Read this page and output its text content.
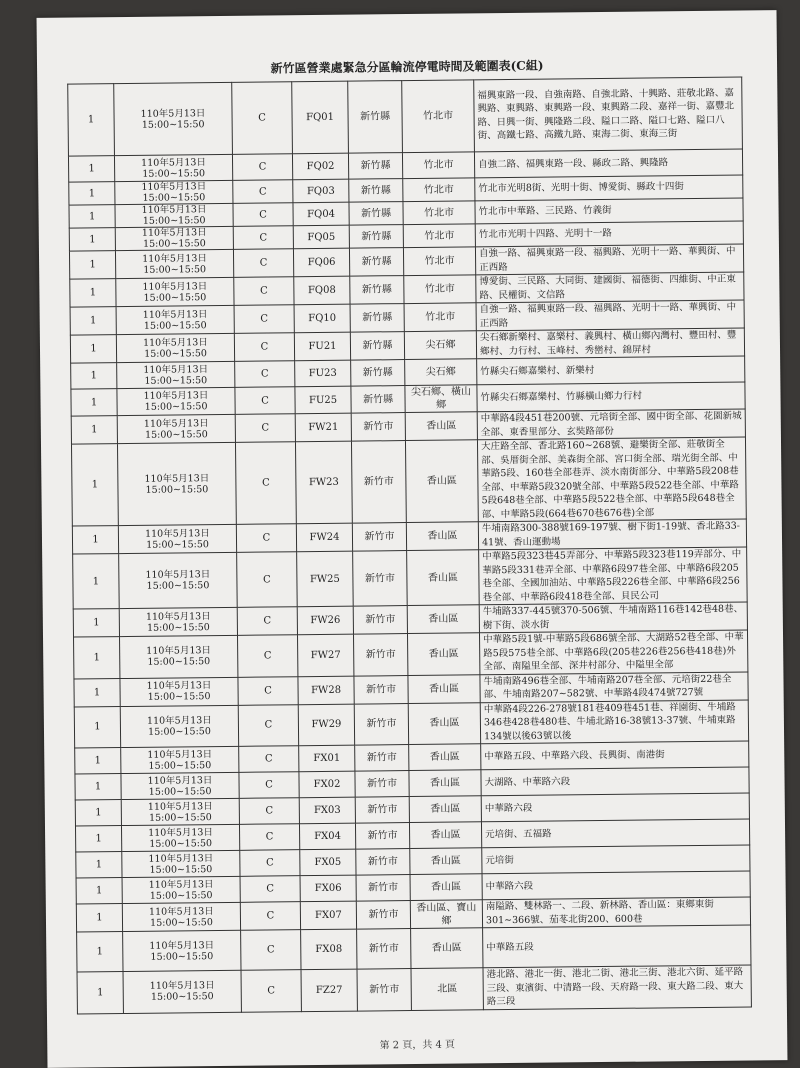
新竹區營業處緊急分區輪流停電時間及範圍表(C組)
1	110年5月13日
15:00~15:50	C	FQ01	新竹縣	竹北市	福興東路一段、自強南路、自強北路、十興路、莊敬北路、嘉興路、東興路、東興路一段、東興路二段、嘉祥一街、嘉豐北路、日興一街、興隆路二段、隘口二路、隘口七路、隘口八街、高鐵七路、高鐵九路、東海二街、東海三街
1	110年5月13日
15:00~15:50	C	FQ02	新竹縣	竹北市	自強二路、福興東路一段、縣政二路、興隆路
1	110年5月13日
15:00~15:50	C	FQ03	新竹縣	竹北市	竹北市光明8街、光明十街、博愛街、縣政十四街
1	110年5月13日
15:00~15:50	C	FQ04	新竹縣	竹北市	竹北市中華路、三民路、竹義街
1	110年5月13日
15:00~15:50	C	FQ05	新竹縣	竹北市	竹北市光明十四路、光明十一路
1	110年5月13日
15:00~15:50	C	FQ06	新竹縣	竹北市	自強一路、福興東路一段、福興路、光明十一路、華興街、中正西路
1	110年5月13日
15:00~15:50	C	FQ08	新竹縣	竹北市	博愛街、三民路、大同街、建國街、福德街、四維街、中正東路、民權街、文信路
1	110年5月13日
15:00~15:50	C	FQ10	新竹縣	竹北市	自強一路、福興東路一段、福興路、光明十一路、華興街、中正西路
1	110年5月13日
15:00~15:50	C	FU21	新竹縣	尖石鄉	尖石鄉新樂村、嘉樂村、義興村、橫山鄉內灣村、豐田村、豐鄉村、力行村、玉峰村、秀巒村、錦屏村
1	110年5月13日
15:00~15:50	C	FU23	新竹縣	尖石鄉	竹縣尖石鄉嘉樂村、新樂村
1	110年5月13日
15:00~15:50	C	FU25	新竹縣	尖石鄉、橫山鄉	竹縣尖石鄉嘉樂村、竹縣橫山鄉力行村
1	110年5月13日
15:00~15:50	C	FW21	新竹市	香山區	中華路4段451巷200號、元培街全部、國中街全部、花園新城全部、東香里部分、玄奘路部份
1	110年5月13日
15:00~15:50	C	FW23	新竹市	香山區	大庄路全部、香北路160~268號、避樂街全部、莊敬街全部、吳厝街全部、美森街全部、宮口街全部、瑞光街全部、中華路5段、160巷全部巷弄、淡水南街部分、中華路5段208巷全部、中華路5段320號全部、中華路5段522巷全部、中華路5段648巷全部、中華路5段522巷全部、中華路5段648巷全部、中華路5段(664巷670巷676巷)全部
1	110年5月13日
15:00~15:50	C	FW24	新竹市	香山區	牛埔南路300-388號169-197號、樹下街1-19號、香北路33-41號、香山運動場
1	110年5月13日
15:00~15:50	C	FW25	新竹市	香山區	中華路5段323巷45弄部分、中華路5段323巷119弄部分、中華路5段331巷弄全部、中華路6段97巷全部、中華路6段205巷全部、全國加油站、中華路5段226巷全部、中華路6段256巷全部、中華路6段418巷全部、貝民公司
1	110年5月13日
15:00~15:50	C	FW26	新竹市	香山區	牛埔路337-445號370-506號、牛埔南路116巷142巷48巷、樹下街、淡水街
1	110年5月13日
15:00~15:50	C	FW27	新竹市	香山區	中華路5段1號-中華路5段686號全部、大湖路52巷全部、中華路5段575巷全部、中華路6段(205巷226巷256巷418巷)外全部、南隘里全部、深井村部分、中隘里全部
1	110年5月13日
15:00~15:50	C	FW28	新竹市	香山區	牛埔南路496巷全部、牛埔南路207巷全部、元培街22巷全部、牛埔南路207~582號、中華路4段474號727號
1	110年5月13日
15:00~15:50	C	FW29	新竹市	香山區	中華路4段226-278號181巷409巷451巷、祥園街、牛埔路346巷428巷480巷、牛埔北路16-38號13-37號、牛埔東路134號以後63號以後
1	110年5月13日
15:00~15:50	C	FX01	新竹市	香山區	中華路五段、中華路六段、長興街、南港街
1	110年5月13日
15:00~15:50	C	FX02	新竹市	香山區	大湖路、中華路六段
1	110年5月13日
15:00~15:50	C	FX03	新竹市	香山區	中華路六段
1	110年5月13日
15:00~15:50	C	FX04	新竹市	香山區	元培街、五福路
1	110年5月13日
15:00~15:50	C	FX05	新竹市	香山區	元培街
1	110年5月13日
15:00~15:50	C	FX06	新竹市	香山區	中華路六段
1	110年5月13日
15:00~15:50	C	FX07	新竹市	香山區、寶山鄉	南隘路、雙林路一、二段、新林路、香山區：東鄉東街301~366號、茄苳北街200、600巷
1	110年5月13日
15:00~15:50	C	FX08	新竹市	香山區	中華路五段
1	110年5月13日
15:00~15:50	C	FZ27	新竹市	北區	港北路、港北一街、港北二街、港北三街、港北六街、延平路三段、東濱街、中清路一段、天府路一段、東大路二段、東大路三段
第 2 頁，共 4 頁
